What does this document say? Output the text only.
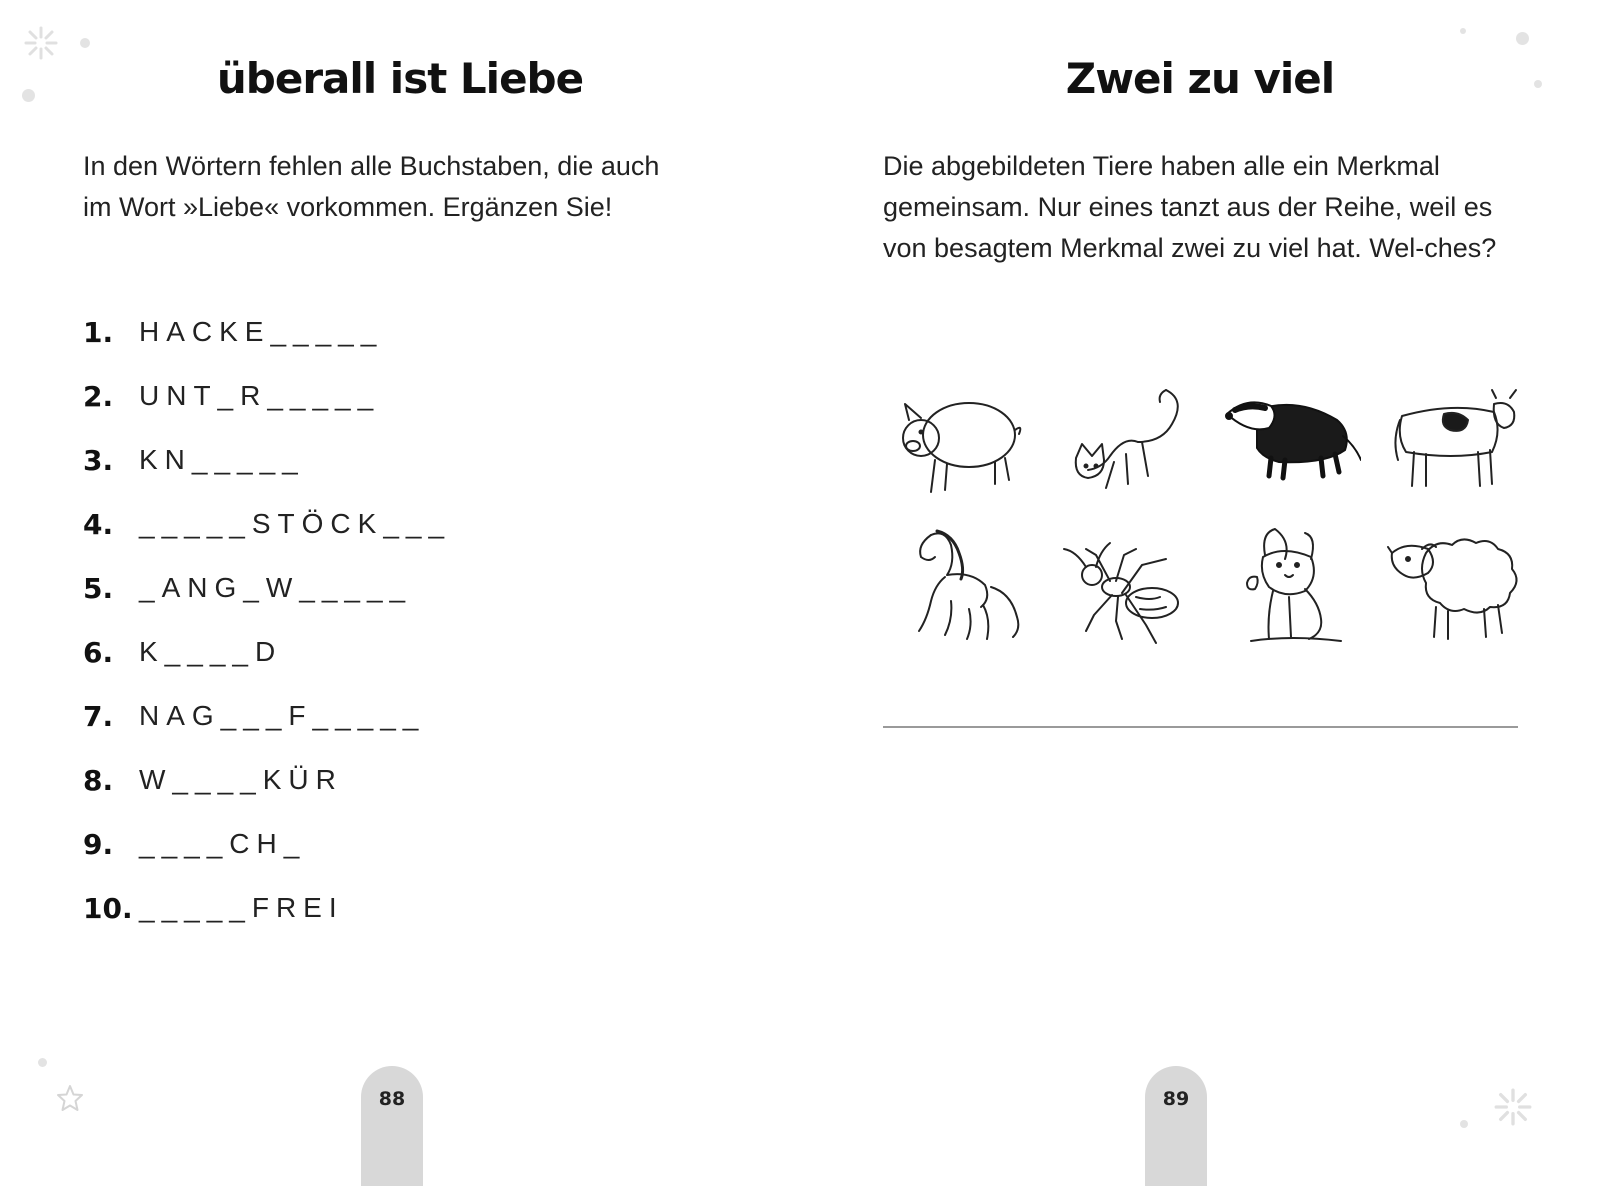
überall ist Liebe

In den Wörtern fehlen alle Buchstaben, die auch im Wort »Liebe« vorkommen. Ergänzen Sie!

1. HACKE_____
2. UNT_R_____
3. KN_____
4. _____STÖCK___
5. _ANG_W_____
6. K____D
7. NAG___F_____
8. W____KÜR
9. ____CH_
10. _____FREI
88
Zwei zu viel

Die abgebildeten Tiere haben alle ein Merkmal gemeinsam. Nur eines tanzt aus der Reihe, weil es von besagtem Merkmal zwei zu viel hat. Wel-ches?

89
